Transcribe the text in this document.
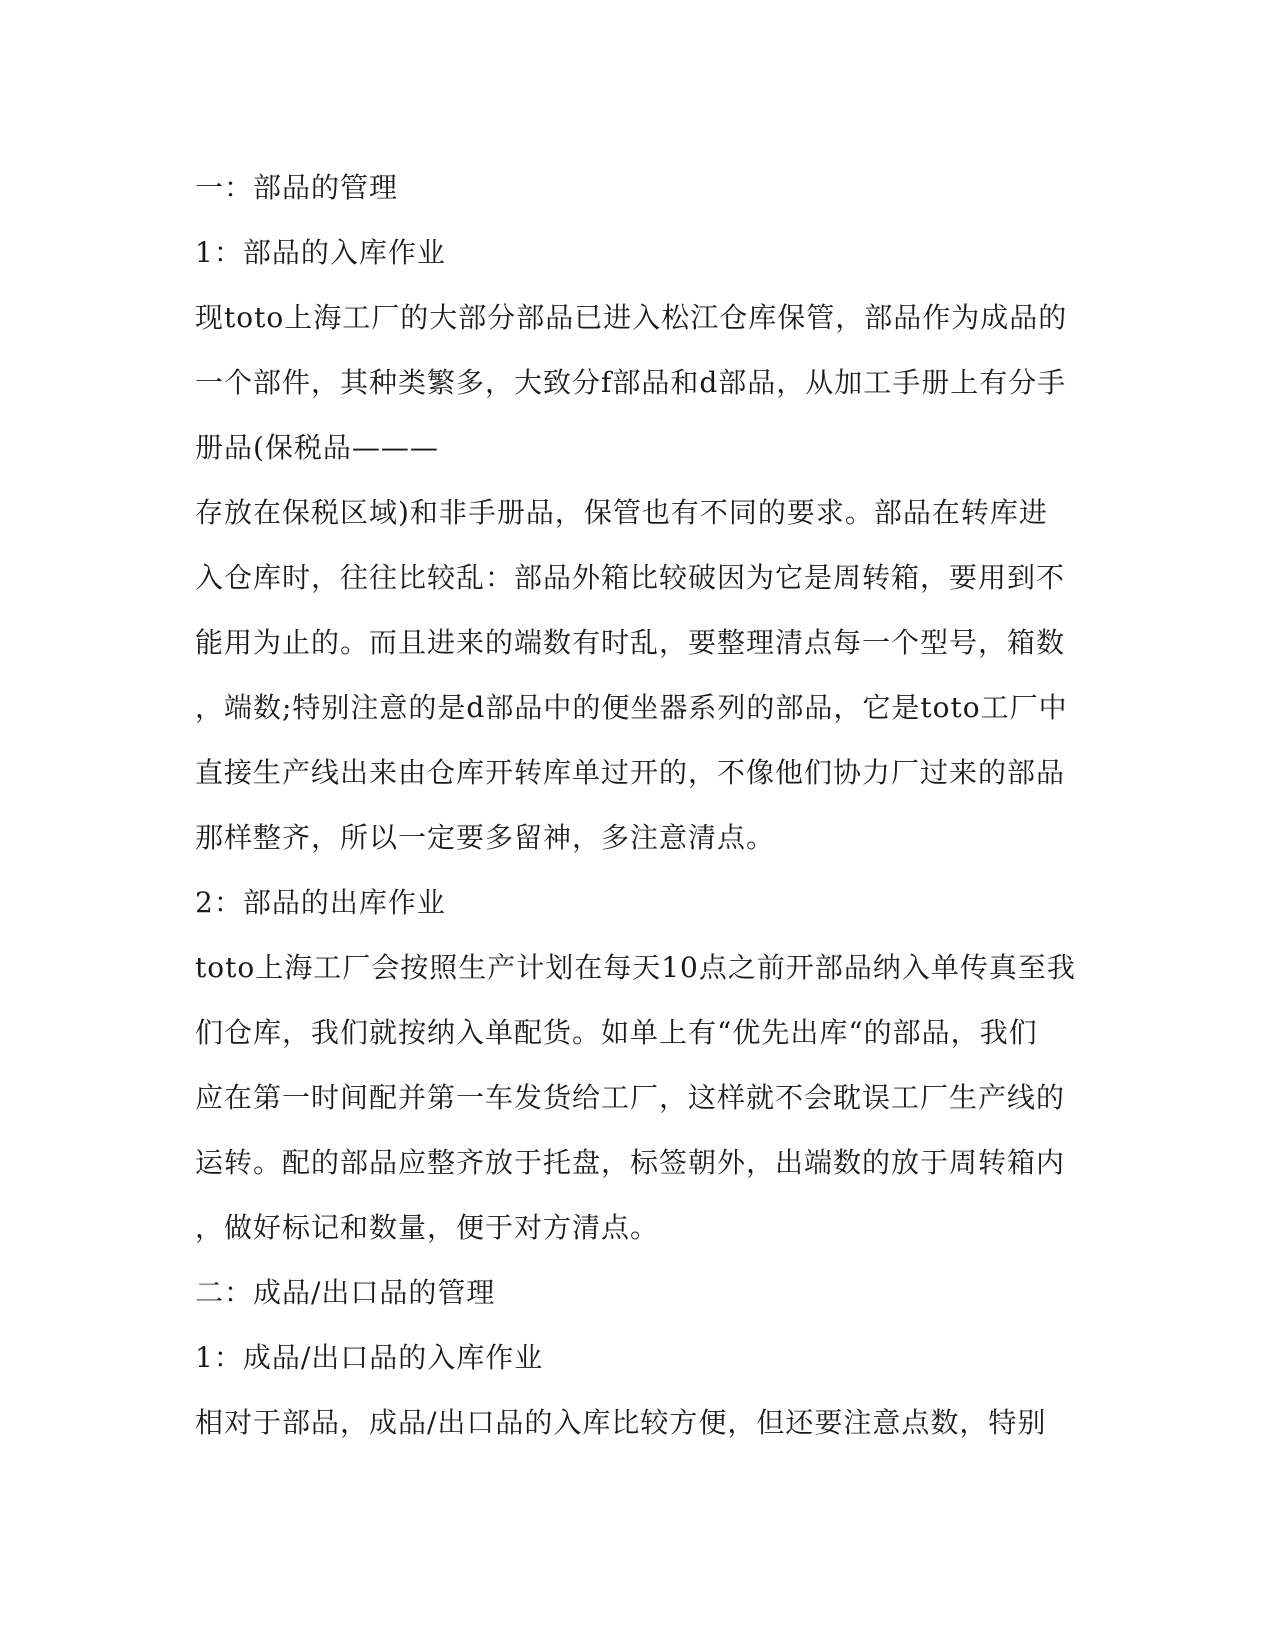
一：部品的管理
1：部品的入库作业
现toto上海工厂的大部分部品已进入松江仓库保管，部品作为成品的
一个部件，其种类繁多，大致分f部品和d部品，从加工手册上有分手
册品(保税品———
存放在保税区域)和非手册品，保管也有不同的要求。部品在转库进
入仓库时，往往比较乱：部品外箱比较破因为它是周转箱，要用到不
能用为止的。而且进来的端数有时乱，要整理清点每一个型号，箱数
，端数;特别注意的是d部品中的便坐器系列的部品，它是toto工厂中
直接生产线出来由仓库开转库单过开的，不像他们协力厂过来的部品
那样整齐，所以一定要多留神，多注意清点。
2：部品的出库作业
toto上海工厂会按照生产计划在每天10点之前开部品纳入单传真至我
们仓库，我们就按纳入单配货。如单上有“优先出库“的部品，我们
应在第一时间配并第一车发货给工厂，这样就不会耽误工厂生产线的
运转。配的部品应整齐放于托盘，标签朝外，出端数的放于周转箱内
，做好标记和数量，便于对方清点。
二：成品/出口品的管理
1：成品/出口品的入库作业
相对于部品，成品/出口品的入库比较方便，但还要注意点数，特别
